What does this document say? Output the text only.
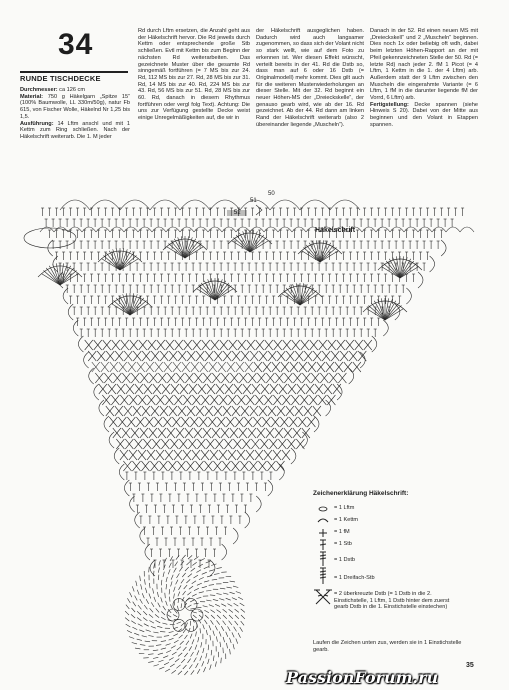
34
RUNDE TISCHDECKE
Durchmesser: ca 126 cm
Material: 750 g Häkelgarn „Spitze 15“ (100% Baumwolle, LL 330m/50g), natur Fb 615, von Fischer Wolle, Häkelnd Nr 1,25 bis 1,5.
Ausführung: 14 Lftm anschl und mit 1 Kettm zum Ring schließen. Nach der Häkelschrift weiterarb. Die 1. M jeder
Rd durch Lftm ersetzen, die Anzahl geht aus der Häkelschrift hervor. Die Rd jeweils durch Kettm oder entsprechende große Stb schließen. Evtl mit Kettm bis zum Beginn der nächsten Rd weiterarbeiten. Das gezeichnete Muster über die gesamte Rd sinngemäß fortführen (= 7 MS bis zur 24. Rd, 112 MS bis zur 27. Rd, 28 MS bis zur 31. Rd, 14 MS bis zur 40. Rd, 224 MS bis zur 43. Rd, 56 MS bis zur 51. Rd, 28 MS bis zur 60. Rd, danach in diesem Rhythmus fortführen oder vergl folg Text). Achtung: Die uns zur Verfügung gestellte Decke weist einige Unregelmäßigkeiten auf, die wir in
der Häkelschrift ausgeglichen haben. Dadurch wird auch langsamer zugenommen, so dass sich der Volant nicht so stark wellt, wie auf dem Foto zu erkennen ist. Wer diesen Effekt wünscht, verteilt bereits in der 41. Rd die Dstb so, dass man auf 6 oder 16 Dstb (= Originalmodell) mehr kommt. Dies gilt auch für die weiteren Musterwiederholungen an dieser Stelle. Mit der 32. Rd beginnt ein neuer Höhen-MS der „Dreieckskelle“, der genauso gearb wird, wie ab der 16. Rd gezeichnet. Ab der 44. Rd dann am linken Rand der Häkelschrift weiterarb (also 2 übereinander liegende „Muscheln“).
Danach in der 52. Rd einen neuen MS mit „Dreieckskell“ und 2 „Muscheln“ beginnen. Dies noch 1x oder beliebig oft wdh, dabei beim letzten Höhen-Rapport an der mit Pfeil gekennzeichneten Stelle der 50. Rd (= letzte Rd) nach jeder 2. fM 1 Picot (= 4 Lftm, 1 Kettm in die 1. der 4 Lftm) arb. Außerdem statt der 9 Lftm zwischen den Muscheln die eingerahmte Variante (= 6 Lftm, 1 fM in die darunter liegende fM der Vorrd, 6 Lftm) arb.
Fertigstellung: Decke spannen (siehe Hinweis S 20). Dabei von der Mitte aus beginnen und den Volant in Etappen spannen.
52
51
50
Häkelschrift
Zeichenerklärung Häkelschrift:
= 1 Lftm
= 1 Kettm
= 1 fM
= 1 Stb
= 1 Dstb
= 1 Dreifach-Stb
= 2 überkreuzte Dstb (= 1 Dstb in die 2. Einstichstelle, 1 Lftm, 1 Dstb hinter dem zuerst gearb Dstb in die 1. Einstichstelle einstechen)
Laufen die Zeichen unten zus, werden sie in 1 Einstichstelle gearb.
35
PassionForum.ru
